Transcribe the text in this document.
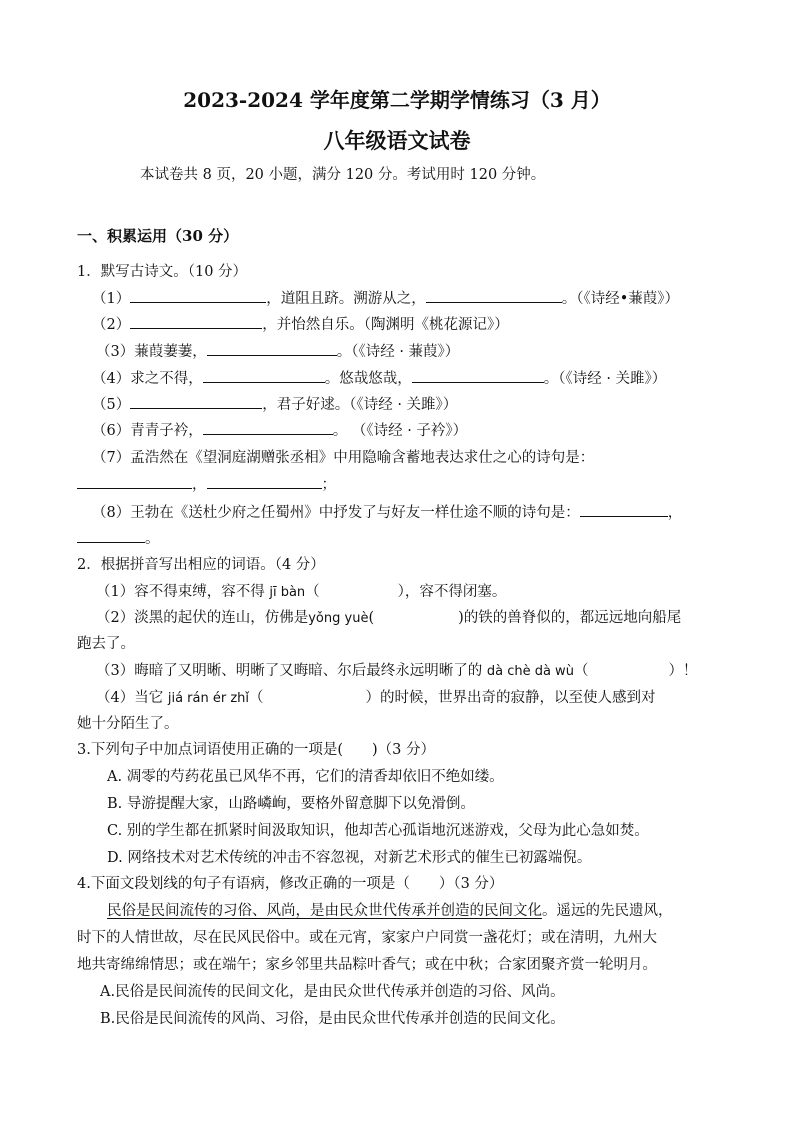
2023-2024 学年度第二学期学情练习（3 月）
八年级语文试卷
本试卷共 8 页，20 小题，满分 120 分。考试用时 120 分钟。
一、积累运用（30 分）
1．默写古诗文。（10 分）
（1）	，道阻且跻。溯游从之，	。（《诗经•蒹葭》）
（2）	，并怡然自乐。（陶渊明《桃花源记》）
（3）蒹葭萋萋，	。（《诗经 · 蒹葭》）
（4）求之不得，	。悠哉悠哉，	。（《诗经 · 关雎》）
（5）	，君子好逑。（《诗经 · 关雎》）
（6）青青子衿，	。 （《诗经 · 子衿》）
（7）孟浩然在《望洞庭湖赠张丞相》中用隐喻含蓄地表达求仕之心的诗句是：
，	；
（8）王勃在《送杜少府之任蜀州》中抒发了与好友一样仕途不顺的诗句是：	，
。
2．根据拼音写出相应的词语。（4 分）
（1）容不得束缚，容不得 jī bàn（	），容不得闭塞。
（2）淡黑的起伏的连山，仿佛是yǒng yuè(	)的铁的兽脊似的，都远远地向船尾
跑去了。
（3）晦暗了又明晰、明晰了又晦暗、尔后最终永远明晰了的 dà chè dà wù（	）！
（4）当它 jiá rán ér zhǐ（	）的时候，世界出奇的寂静，以至使人感到对
她十分陌生了。
3.下列句子中加点词语使用正确的一项是(　　)（3 分）
A. 凋零的芍药花虽已风华不再，它们的清香却依旧不绝如缕。
B. 导游提醒大家，山路嶙峋，要格外留意脚下以免滑倒。
C. 别的学生都在抓紧时间汲取知识，他却苦心孤诣地沉迷游戏，父母为此心急如焚。
D. 网络技术对艺术传统的冲击不容忽视，对新艺术形式的催生已初露端倪。
4.下面文段划线的句子有语病，修改正确的一项是（　　）（3 分）
民俗是民间流传的习俗、风尚，是由民众世代传承并创造的民间文化。遥远的先民遗风，
时下的人情世故，尽在民风民俗中。或在元宵，家家户户同赏一盏花灯；或在清明，九州大
地共寄绵绵情思；或在端午；家乡邻里共品粽叶香气；或在中秋；合家团聚齐赏一轮明月。
A.民俗是民间流传的民间文化，是由民众世代传承并创造的习俗、风尚。
B.民俗是民间流传的风尚、习俗，是由民众世代传承并创造的民间文化。
